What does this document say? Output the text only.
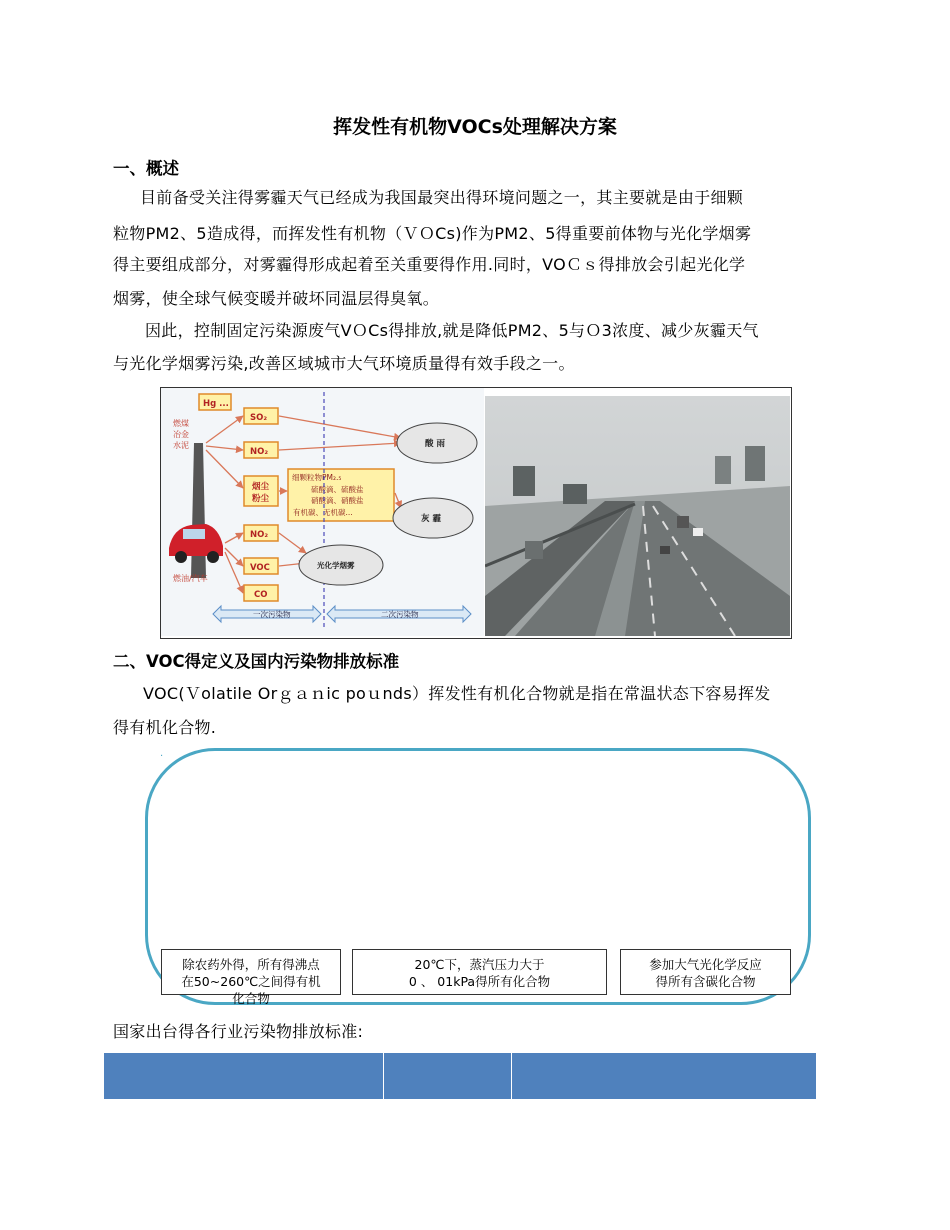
挥发性有机物VOCs处理解决方案
一、概述
目前备受关注得雾霾天气已经成为我国最突出得环境问题之一，其主要就是由于细颗
粒物PM2、5造成得，而挥发性有机物（ＶＯCs)作为PM2、5得重要前体物与光化学烟雾
得主要组成部分，对雾霾得形成起着至关重要得作用.同时，VOＣｓ得排放会引起光化学
烟雾，使全球气候变暖并破坏同温层得臭氧。
因此，控制固定污染源废气VＯCs得排放,就是降低PM2、5与Ｏ3浓度、减少灰霾天气
与光化学烟雾污染,改善区域城市大气环境质量得有效手段之一。
燃煤
冶金
水泥
燃油/汽车
Hg ...
SO₂
NO₂
烟尘
粉尘
NO₂
VOC
CO
细颗粒物PM₂.₅
硫酸滴、硫酸盐
硝酸滴、硝酸盐
有机碳、无机碳...
酸 雨
灰 霾
光化学烟雾
一次污染物	二次污染物
二、VOC得定义及国内污染物排放标准
VOC(Ｖolatile Orｇａｎic poｕnds）挥发性有机化合物就是指在常温状态下容易挥发
得有机化合物.
.
除农药外得，所有得沸点
在50~260℃之间得有机
化合物
20℃下，蒸汽压力大于
0 、 01kPa得所有化合物
参加大气光化学反应
得所有含碳化合物
国家出台得各行业污染物排放标准:
